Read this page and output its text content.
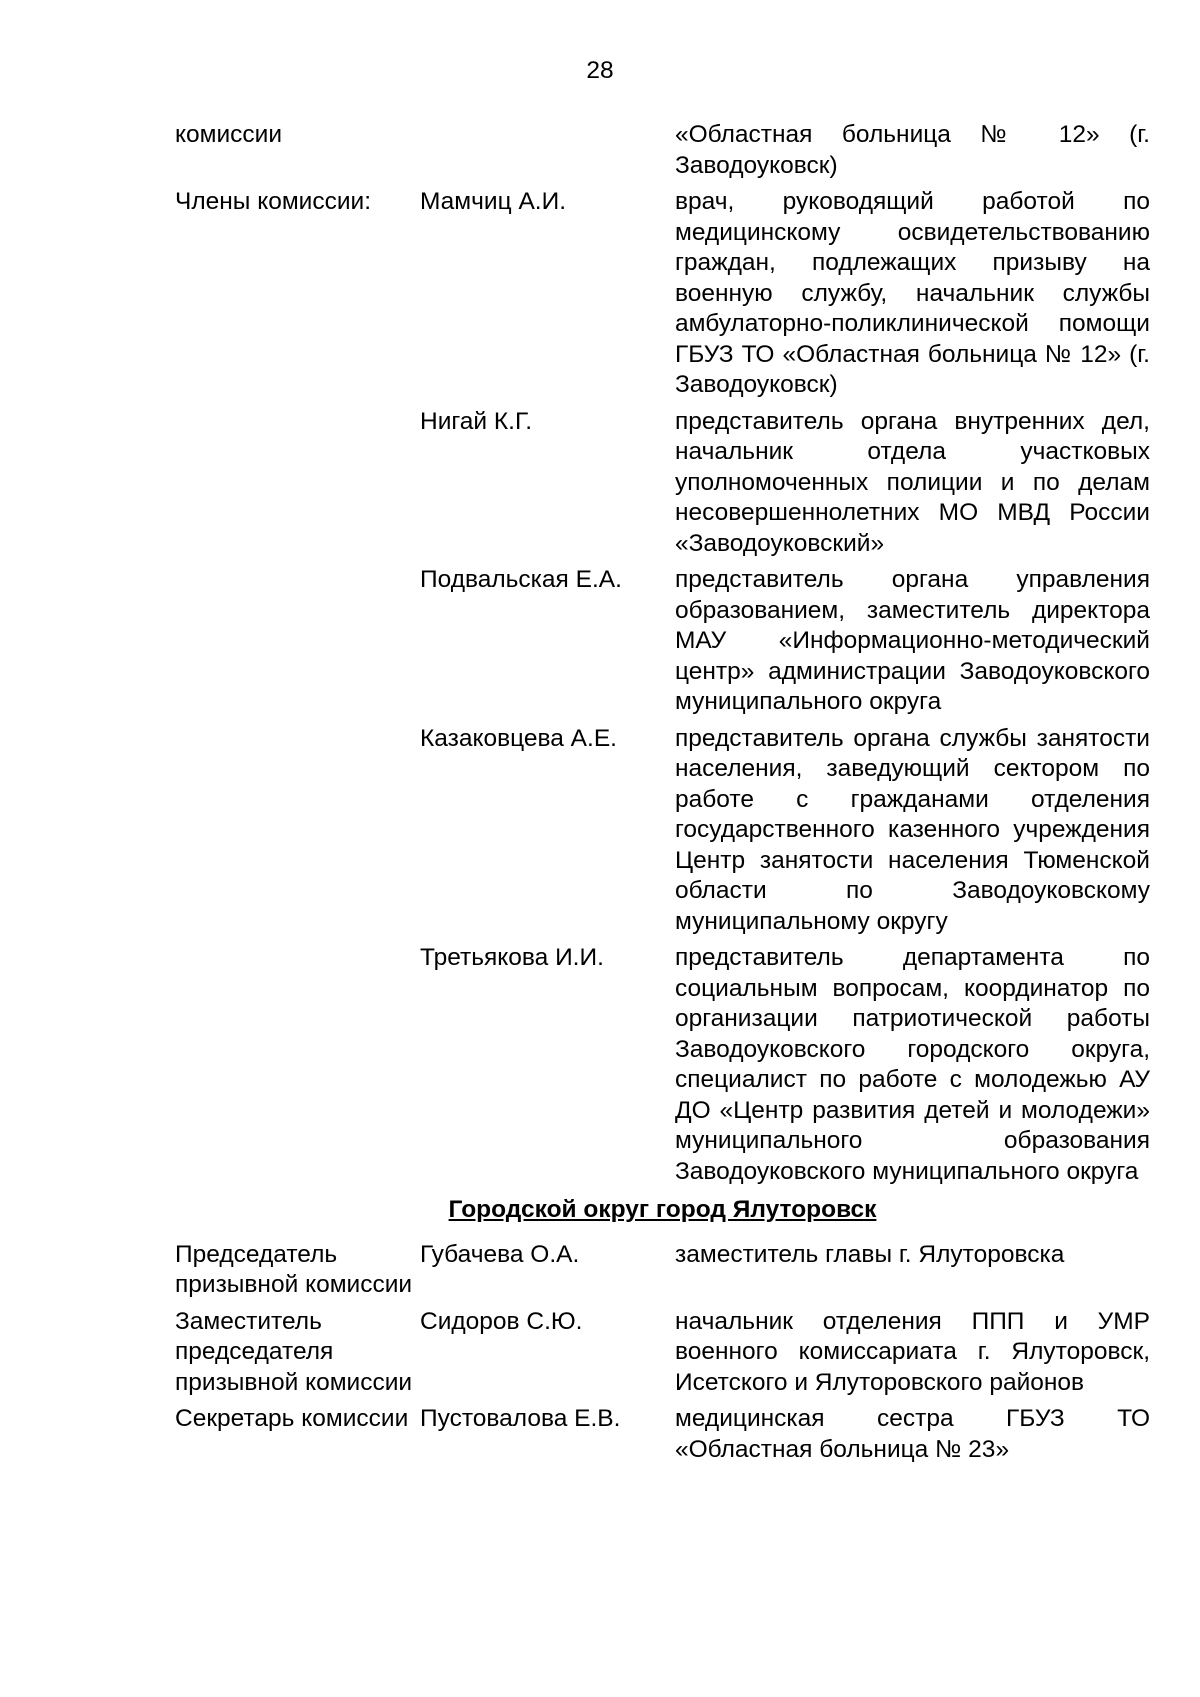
28
комиссии		«Областная больница № 12» (г. Заводоуковск)
Члены комиссии:	Мамчиц А.И.	врач, руководящий работой по медицинскому освидетельствованию граждан, подлежащих призыву на военную службу, начальник службы амбулаторно-поликлинической помощи ГБУЗ ТО «Областная больница № 12» (г. Заводоуковск)
	Нигай К.Г.	представитель органа внутренних дел, начальник отдела участковых уполномоченных полиции и по делам несовершеннолетних МО МВД России «Заводоуковский»
	Подвальская Е.А.	представитель органа управления образованием, заместитель директора МАУ «Информационно-методический центр» администрации Заводоуковского муниципального округа
	Казаковцева А.Е.	представитель органа службы занятости населения, заведующий сектором по работе с гражданами отделения государственного казенного учреждения Центр занятости населения Тюменской области по Заводоуковскому муниципальному округу
	Третьякова И.И.	представитель департамента по социальным вопросам, координатор по организации патриотической работы Заводоуковского городского округа, специалист по работе с молодежью АУ ДО «Центр развития детей и молодежи» муниципального образования Заводоуковского муниципального округа
Городской округ город Ялуторовск		
Председатель призывной комиссии	Губачева О.А.	заместитель главы г. Ялуторовска
Заместитель председателя призывной комиссии	Сидоров С.Ю.	начальник отделения ППП и УМР военного комиссариата г. Ялуторовск, Исетского и Ялуторовского районов
Секретарь комиссии	Пустовалова Е.В.	медицинская сестра ГБУЗ ТО «Областная больница № 23»
